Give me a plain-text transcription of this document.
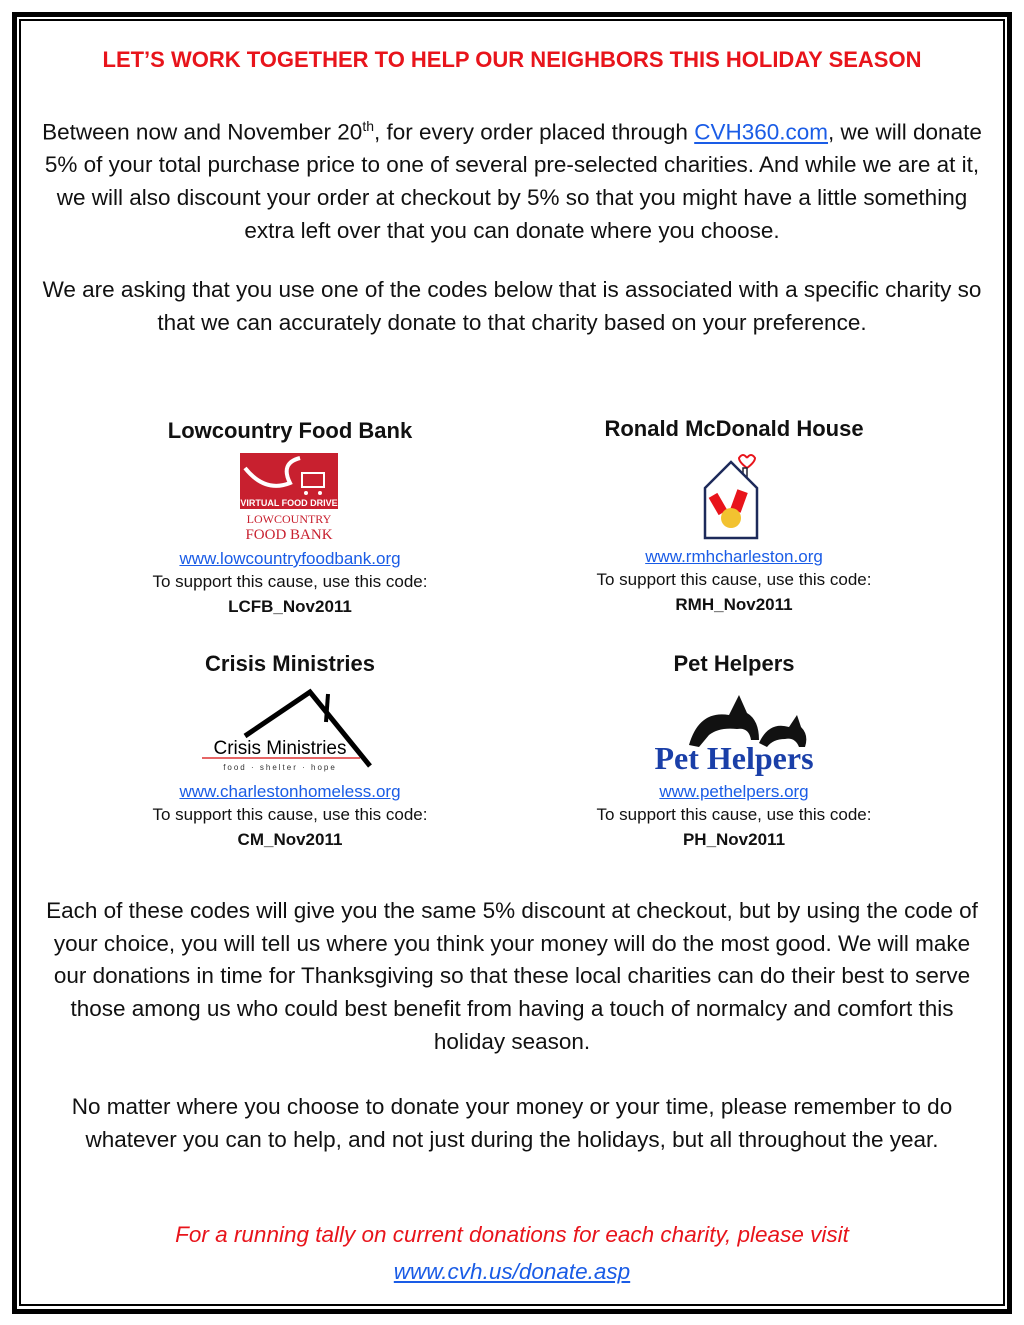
LET’S WORK TOGETHER TO HELP OUR NEIGHBORS THIS HOLIDAY SEASON
Between now and November 20th, for every order placed through CVH360.com, we will donate 5% of your total purchase price to one of several pre-selected charities. And while we are at it, we will also discount your order at checkout by 5% so that you might have a little something extra left over that you can donate where you choose.
We are asking that you use one of the codes below that is associated with a specific charity so that we can accurately donate to that charity based on your preference.
Lowcountry Food Bank
VIRTUAL FOOD DRIVE
LOWCOUNTRY
FOOD BANK
www.lowcountryfoodbank.org
To support this cause, use this code:
LCFB_Nov2011
Ronald McDonald House
www.rmhcharleston.org
To support this cause, use this code:
RMH_Nov2011
Crisis Ministries
Crisis Ministries
food · shelter · hope
www.charlestonhomeless.org
To support this cause, use this code:
CM_Nov2011
Pet Helpers
Pet Helpers
www.pethelpers.org
To support this cause, use this code:
PH_Nov2011
Each of these codes will give you the same 5% discount at checkout, but by using the code of your choice, you will tell us where you think your money will do the most good. We will make our donations in time for Thanksgiving so that these local charities can do their best to serve those among us who could best benefit from having a touch of normalcy and comfort this holiday season.
No matter where you choose to donate your money or your time, please remember to do whatever you can to help, and not just during the holidays, but all throughout the year.
For a running tally on current donations for each charity, please visit
www.cvh.us/donate.asp
